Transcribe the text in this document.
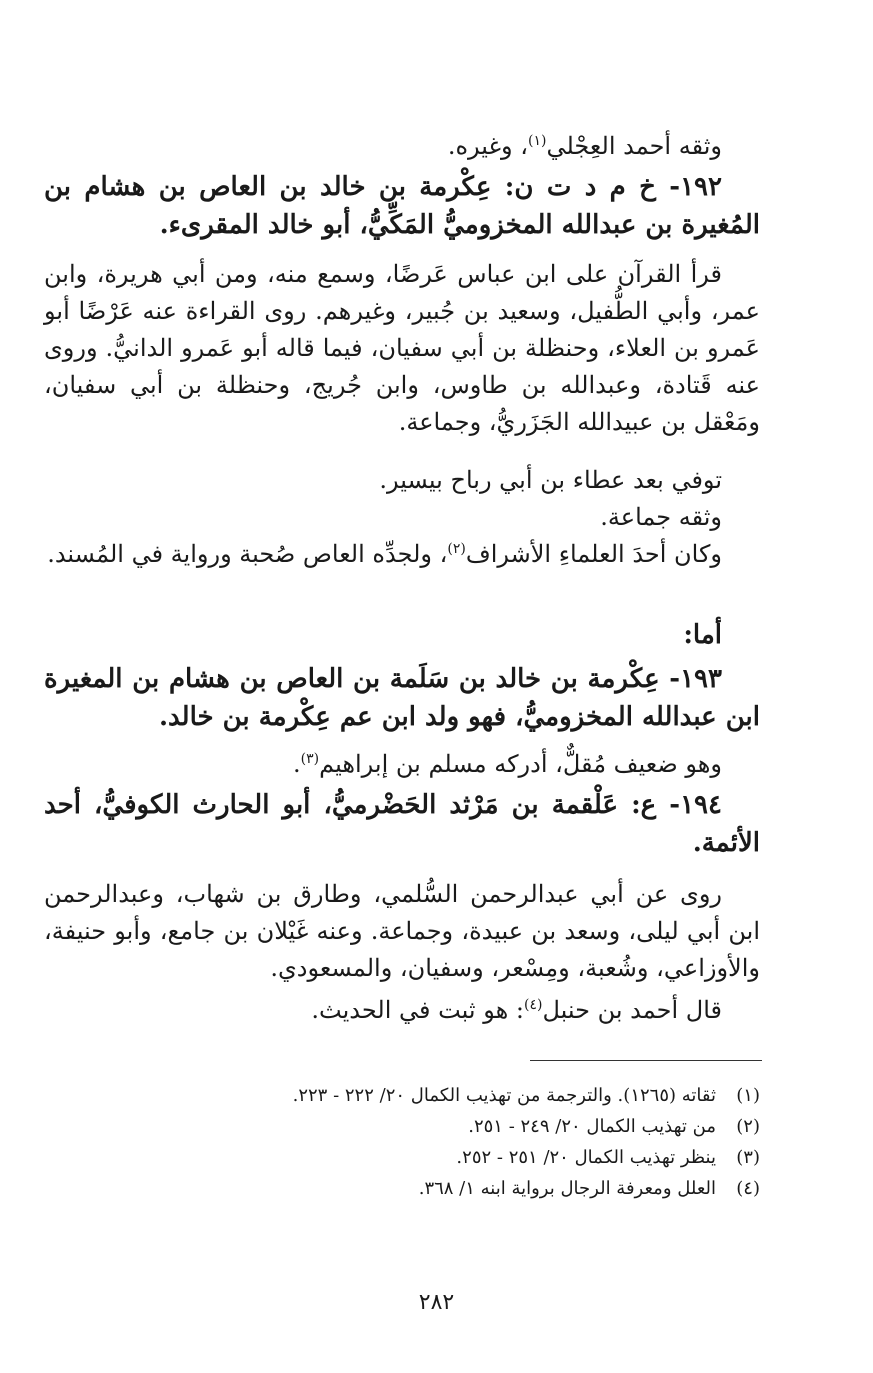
وثقه أحمد العِجْلي$^{(١)}$، وغيره.
١٩٢- خ م د ت ن: عِكْرمة بن خالد بن العاص بن هشام بن المُغيرة بن عبدالله المخزوميُّ المَكِّيُّ، أبو خالد المقرىء.
قرأ القرآن على ابن عباس عَرضًا، وسمع منه، ومن أبي هريرة، وابن عمر، وأبي الطُّفيل، وسعيد بن جُبير، وغيرهم. روى القراءة عنه عَرْضًا أبو عَمرو بن العلاء، وحنظلة بن أبي سفيان، فيما قاله أبو عَمرو الدانيُّ. وروى عنه قَتادة، وعبدالله بن طاوس، وابن جُريج، وحنظلة بن أبي سفيان، ومَعْقل بن عبيدالله الجَزَريُّ، وجماعة.
توفي بعد عطاء بن أبي رباح بيسير.
وثقه جماعة.
وكان أحدَ العلماءِ الأشراف$^{(٢)}$، ولجدِّه العاص صُحبة ورواية في المُسند.
أما:
١٩٣- عِكْرمة بن خالد بن سَلَمة بن العاص بن هشام بن المغيرة ابن عبدالله المخزوميُّ، فهو ولد ابن عم عِكْرمة بن خالد.
وهو ضعيف مُقلٌّ، أدركه مسلم بن إبراهيم$^{(٣)}$.
١٩٤- ع: عَلْقمة بن مَرْثد الحَضْرميُّ، أبو الحارث الكوفيُّ، أحد الأئمة.
روى عن أبي عبدالرحمن السُّلمي، وطارق بن شهاب، وعبدالرحمن ابن أبي ليلى، وسعد بن عبيدة، وجماعة. وعنه غَيْلان بن جامع، وأبو حنيفة، والأوزاعي، وشُعبة، ومِسْعر، وسفيان، والمسعودي.
قال أحمد بن حنبل$^{(٤)}$: هو ثبت في الحديث.
(١)
ثقاته (١٢٦٥). والترجمة من تهذيب الكمال ٢٠/ ٢٢٢ - ٢٢٣.
(٢)
من تهذيب الكمال ٢٠/ ٢٤٩ - ٢٥١.
(٣)
ينظر تهذيب الكمال ٢٠/ ٢٥١ - ٢٥٢.
(٤)
العلل ومعرفة الرجال برواية ابنه ١/ ٣٦٨.
٢٨٢
